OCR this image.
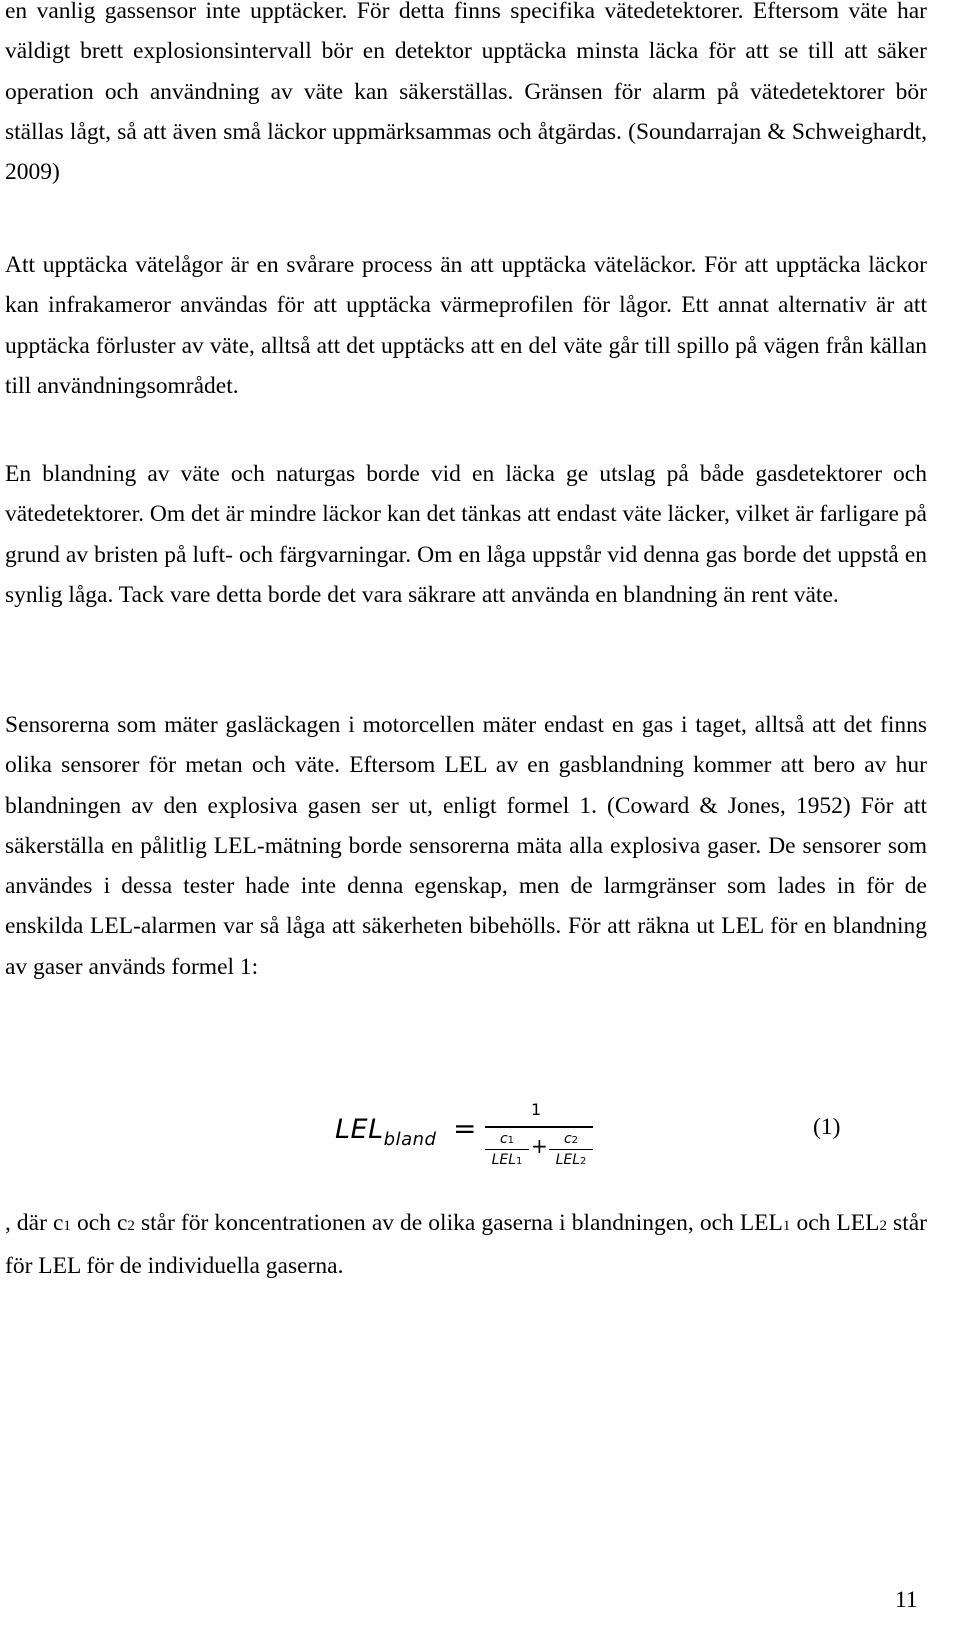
en vanlig gassensor inte upptäcker. För detta finns specifika vätedetektorer. Eftersom väte har väldigt brett explosionsintervall bör en detektor upptäcka minsta läcka för att se till att säker operation och användning av väte kan säkerställas. Gränsen för alarm på vätedetektorer bör ställas lågt, så att även små läckor uppmärksammas och åtgärdas. (Soundarrajan & Schweighardt, 2009)

Att upptäcka vätelågor är en svårare process än att upptäcka väteläckor. För att upptäcka läckor kan infrakameror användas för att upptäcka värmeprofilen för lågor. Ett annat alternativ är att upptäcka förluster av väte, alltså att det upptäcks att en del väte går till spillo på vägen från källan till användningsområdet.

En blandning av väte och naturgas borde vid en läcka ge utslag på både gasdetektorer och vätedetektorer. Om det är mindre läckor kan det tänkas att endast väte läcker, vilket är farligare på grund av bristen på luft- och färgvarningar. Om en låga uppstår vid denna gas borde det uppstå en synlig låga. Tack vare detta borde det vara säkrare att använda en blandning än rent väte.

Sensorerna som mäter gasläckagen i motorcellen mäter endast en gas i taget, alltså att det finns olika sensorer för metan och väte. Eftersom LEL av en gasblandning kommer att bero av hur blandningen av den explosiva gasen ser ut, enligt formel 1. (Coward & Jones, 1952) För att säkerställa en pålitlig LEL-mätning borde sensorerna mäta alla explosiva gaser. De sensorer som användes i dessa tester hade inte denna egenskap, men de larmgränser som lades in för de enskilda LEL-alarmen var så låga att säkerheten bibehölls. För att räkna ut LEL för en blandning av gaser används formel 1:

$LEL_{bland}$ =
1
c1
LEL1
+	c2
LEL2
(1)

, där c1 och c2 står för koncentrationen av de olika gaserna i blandningen, och LEL1 och LEL2 står för LEL för de individuella gaserna.

11
